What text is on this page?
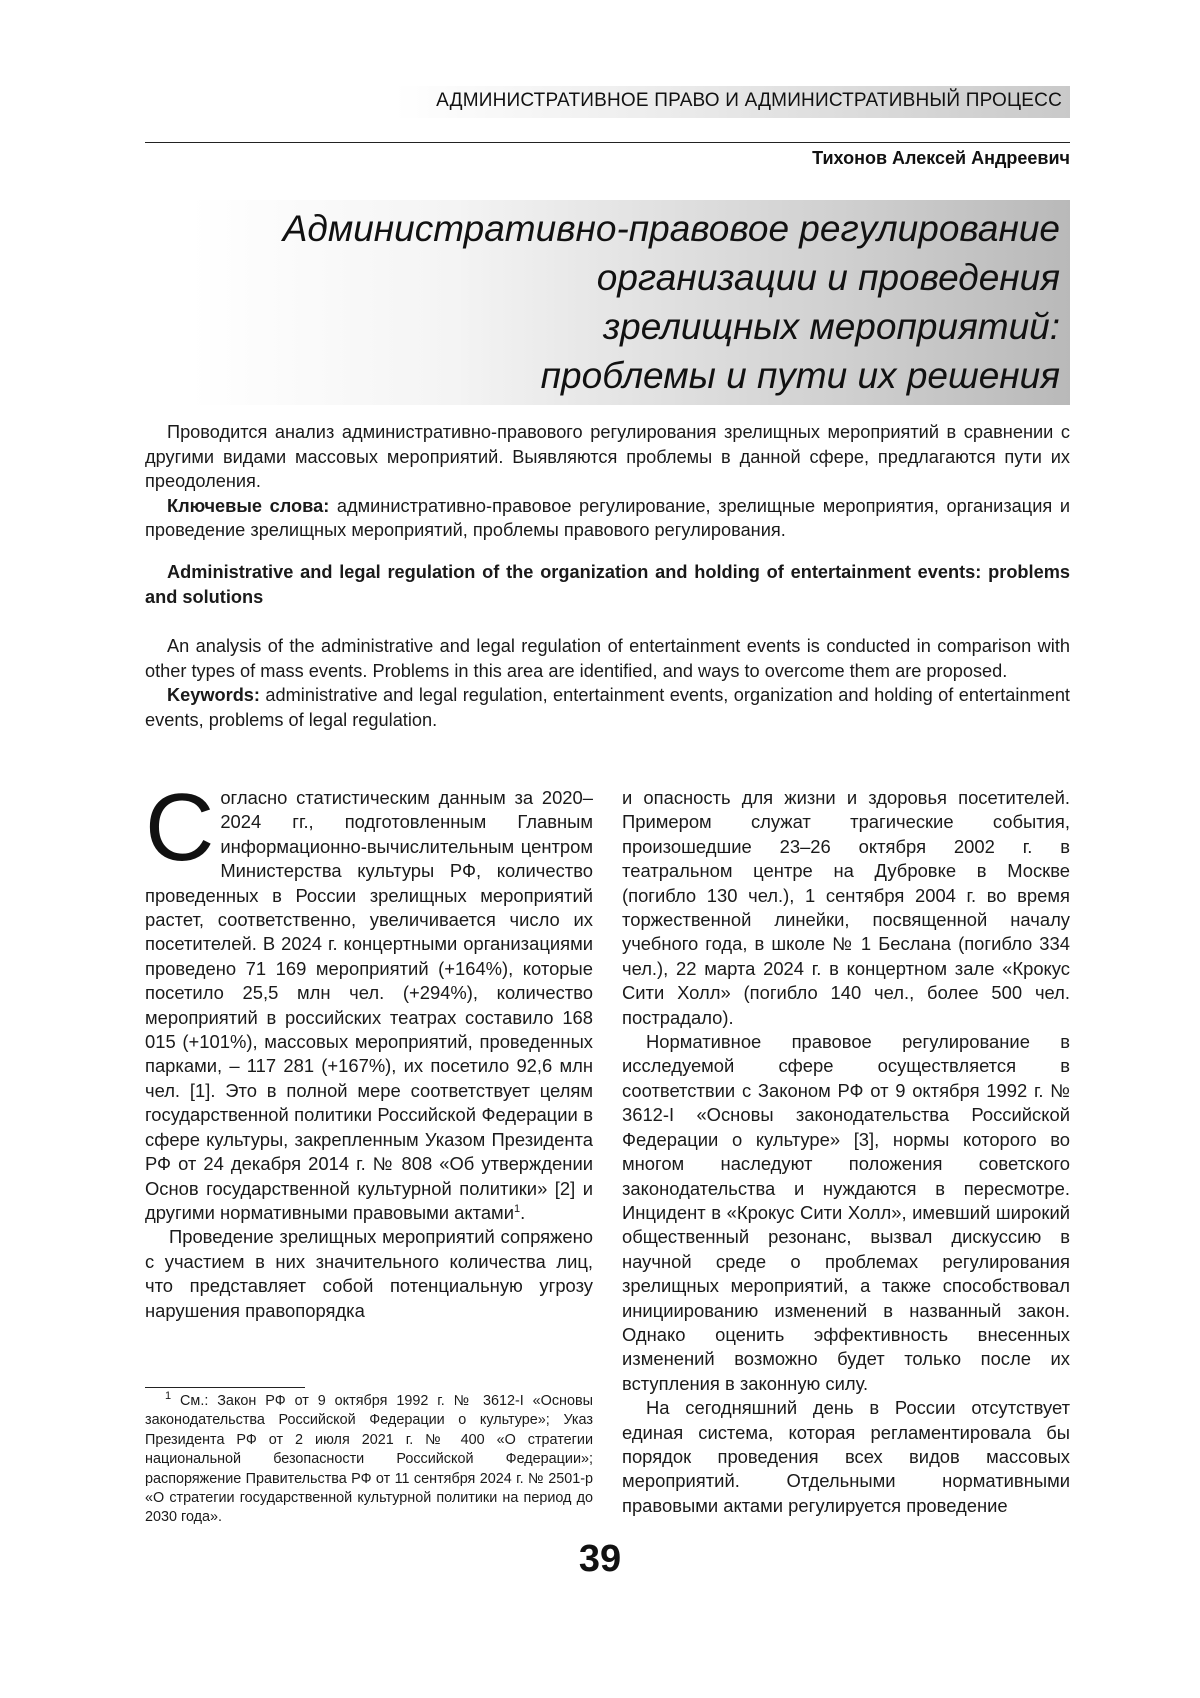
АДМИНИСТРАТИВНОЕ ПРАВО И АДМИНИСТРАТИВНЫЙ ПРОЦЕСС
Тихонов Алексей Андреевич
Административно-правовое регулирование
организации и проведения
зрелищных мероприятий:
проблемы и пути их решения
Проводится анализ административно-правового регулирования зрелищных мероприятий в сравнении с другими видами массовых мероприятий. Выявляются проблемы в данной сфере, предлагаются пути их преодоления.
Ключевые слова: административно-правовое регулирование, зрелищные мероприятия, организация и проведение зрелищных мероприятий, проблемы правового регулирования.
Administrative and legal regulation of the organization and holding of entertainment events: problems and solutions
An analysis of the administrative and legal regulation of entertainment events is conducted in comparison with other types of mass events. Problems in this area are identified, and ways to overcome them are proposed.
Keywords: administrative and legal regulation, entertainment events, organization and holding of entertainment events, problems of legal regulation.

Согласно статистическим данным за 2020–2024 гг., подготовленным Главным информационно-вычислительным центром Министерства культуры РФ, количество проведенных в России зрелищных мероприятий растет, соответственно, увеличивается число их посетителей. В 2024 г. концертными организациями проведено 71 169 мероприятий (+164%), которые посетило 25,5 млн чел. (+294%), количество мероприятий в российских театрах составило 168 015 (+101%), массовых мероприятий, проведенных парками, – 117 281 (+167%), их посетило 92,6 млн чел. [1]. Это в полной мере соответствует целям государственной политики Российской Федерации в сфере культуры, закрепленным Указом Президента РФ от 24 декабря 2014 г. № 808 «Об утверждении Основ государственной культурной политики» [2] и другими нормативными правовыми актами$^1$.

Проведение зрелищных мероприятий сопряжено с участием в них значительного количества лиц, что представляет собой потенциальную угрозу нарушения правопорядка

и опасность для жизни и здоровья посетителей. Примером служат трагические события, произошедшие 23–26 октября 2002 г. в театральном центре на Дубровке в Москве (погибло 130 чел.), 1 сентября 2004 г. во время торжественной линейки, посвященной началу учебного года, в школе № 1 Беслана (погибло 334 чел.), 22 марта 2024 г. в концертном зале «Крокус Сити Холл» (погибло 140 чел., более 500 чел. пострадало).

Нормативное правовое регулирование в исследуемой сфере осуществляется в соответствии с Законом РФ от 9 октября 1992 г. № 3612-I «Основы законодательства Российской Федерации о культуре» [3], нормы которого во многом наследуют положения советского законодательства и нуждаются в пересмотре. Инцидент в «Крокус Сити Холл», имевший широкий общественный резонанс, вызвал дискуссию в научной среде о проблемах регулирования зрелищных мероприятий, а также способствовал инициированию изменений в названный закон. Однако оценить эффективность внесенных изменений возможно будет только после их вступления в законную силу.

На сегодняшний день в России отсутствует единая система, которая регламентировала бы порядок проведения всех видов массовых мероприятий. Отдельными нормативными правовыми актами регулируется проведение

$^1$ См.: Закон РФ от 9 октября 1992 г. № 3612-I «Основы законодательства Российской Федерации о культуре»; Указ Президента РФ от 2 июля 2021 г. № 400 «О стратегии национальной безопасности Российской Федерации»; распоряжение Правительства РФ от 11 сентября 2024 г. № 2501-р «О стратегии государственной культурной политики на период до 2030 года».

39
